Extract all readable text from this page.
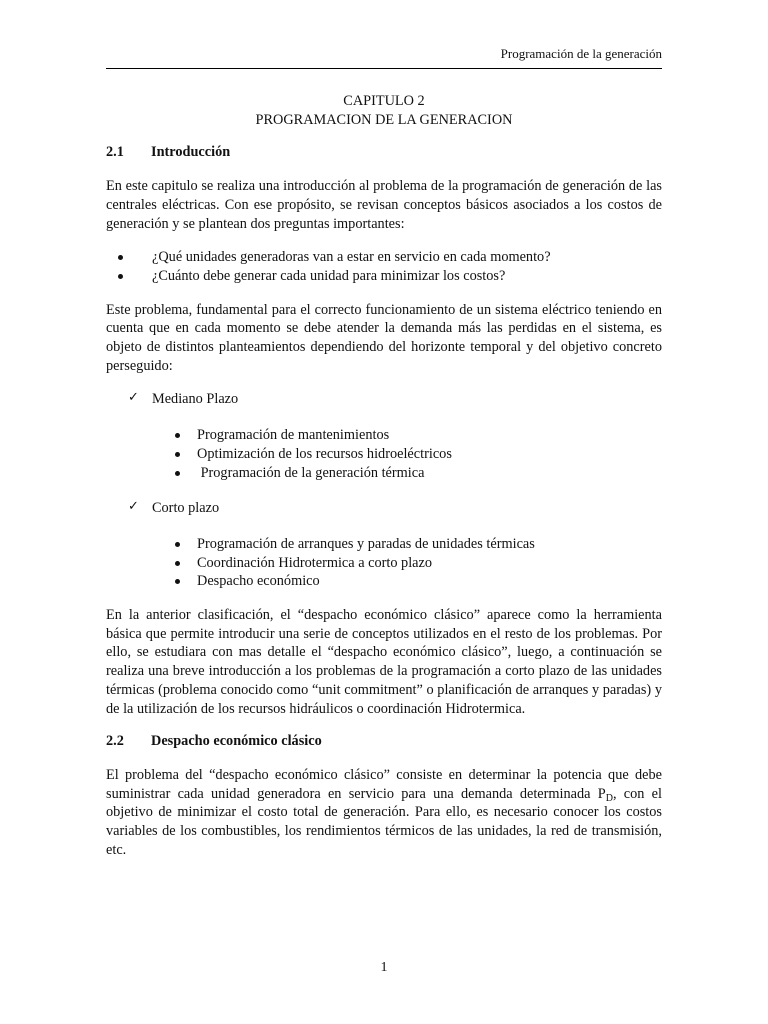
Programación de la generación
CAPITULO 2
PROGRAMACION DE LA GENERACION
2.1	Introducción

En este capitulo se realiza una introducción al problema de la programación de generación de las centrales eléctricas. Con ese propósito, se revisan conceptos básicos asociados a los costos de generación y se plantean dos preguntas importantes:

¿Qué unidades generadoras van a estar en servicio en cada momento?
¿Cuánto debe generar cada unidad para minimizar los costos?

Este problema, fundamental para el correcto funcionamiento de un sistema eléctrico teniendo en cuenta que en cada momento se debe atender la demanda más las perdidas en el sistema, es objeto de distintos planteamientos dependiendo del horizonte temporal y del objetivo concreto perseguido:

✓ Mediano Plazo
Programación de mantenimientos
Optimización de los recursos hidroeléctricos
Programación de la generación térmica
✓ Corto plazo
Programación de arranques y paradas de unidades térmicas
Coordinación Hidrotermica a corto plazo
Despacho económico

En la anterior clasificación, el “despacho económico clásico” aparece como la herramienta básica que permite introducir una serie de conceptos utilizados en el resto de los problemas. Por ello, se estudiara con mas detalle el “despacho económico clásico”, luego, a continuación se realiza una breve introducción a los problemas de la programación a corto plazo de las unidades térmicas (problema conocido como “unit commitment” o planificación de arranques y paradas) y de la utilización de los recursos hidráulicos o coordinación Hidrotermica.

2.2	Despacho económico clásico

El problema del “despacho económico clásico” consiste en determinar la potencia que debe suministrar cada unidad generadora en servicio para una demanda determinada $P_D$, con el objetivo de minimizar el costo total de generación. Para ello, es necesario conocer los costos variables de los combustibles, los rendimientos térmicos de las unidades, la red de transmisión, etc.

1
